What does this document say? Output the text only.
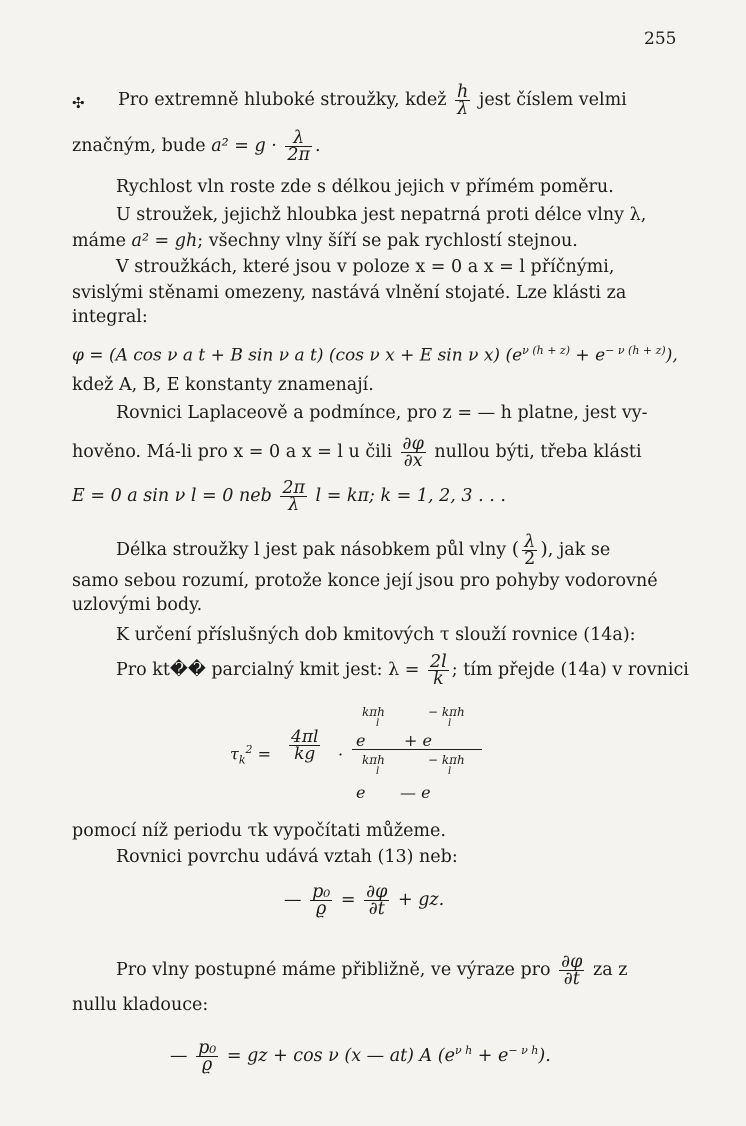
255
✣ Pro extremně hluboké stroužky, kdež $\frac{h}{\lambda}$ jest číslem velmi
značným, bude $a^2 = g \cdot \frac{\lambda}{2\pi}$ .
Rychlost vln roste zde s délkou jejich v přímém poměru.
U stroužek, jejichž hloubka jest nepatrná proti délce vlny λ,
máme a² = gh; všechny vlny šíří se pak rychlostí stejnou.
V stroužkách, které jsou v poloze x = 0 a x = l příčnými,
svislými stěnami omezeny, nastává vlnění stojaté. Lze klásti za
integral:
φ = (A cos ν a t + B sin ν a t) (cos ν x + E sin ν x) $(e^{\nu (h + z)} + e^{- \nu (h + z)})$,
kdež A, B, E konstanty znamenají.
Rovnici Laplaceově a podmínce, pro z = — h platne, jest vy-
hověno. Má-li pro x = 0 a x = l u čili $\frac{\partial\varphi}{\partial x}$ nullou býti, třeba klásti
E = 0 a sin ν l = 0 neb $\frac{2\pi}{\lambda}$ l = kπ; k = 1, 2, 3 . . .
Délka stroužky l jest pak násobkem půl vlny ( $\frac{\lambda}{2}$ ), jak se
samo sebou rozumí, protože konce její jsou pro pohyby vodorovné
uzlovými body.
K určení příslušných dob kmitových τ slouží rovnice (14a):
Pro kt�� parcialný kmit jest: $\lambda = \frac{2l}{k}$ ; tím přejde (14a) v rovnici
$\tau_k^2 = \frac{4\pi l}{kg}$ ·
kπh
l
e
− kπh
l
+ e
kπh
l
e
− kπh
l
— e
pomocí níž periodu τk vypočítati můžeme.
Rovnici povrchu udává vztah (13) neb:
— $\frac{\text{p₀}}{ϱ} = \frac{\partial\varphi}{\partial t}$ + gz.
Pro vlny postupné máme přibližně, ve výraze pro $\frac{\partial\varphi}{\partial t}$ za z
nullu kladouce:
— $\frac{\text{p₀}}{ϱ}$ = gz + cos ν (x — at) A $(e^{\nu h} + e^{- \nu h})$.
